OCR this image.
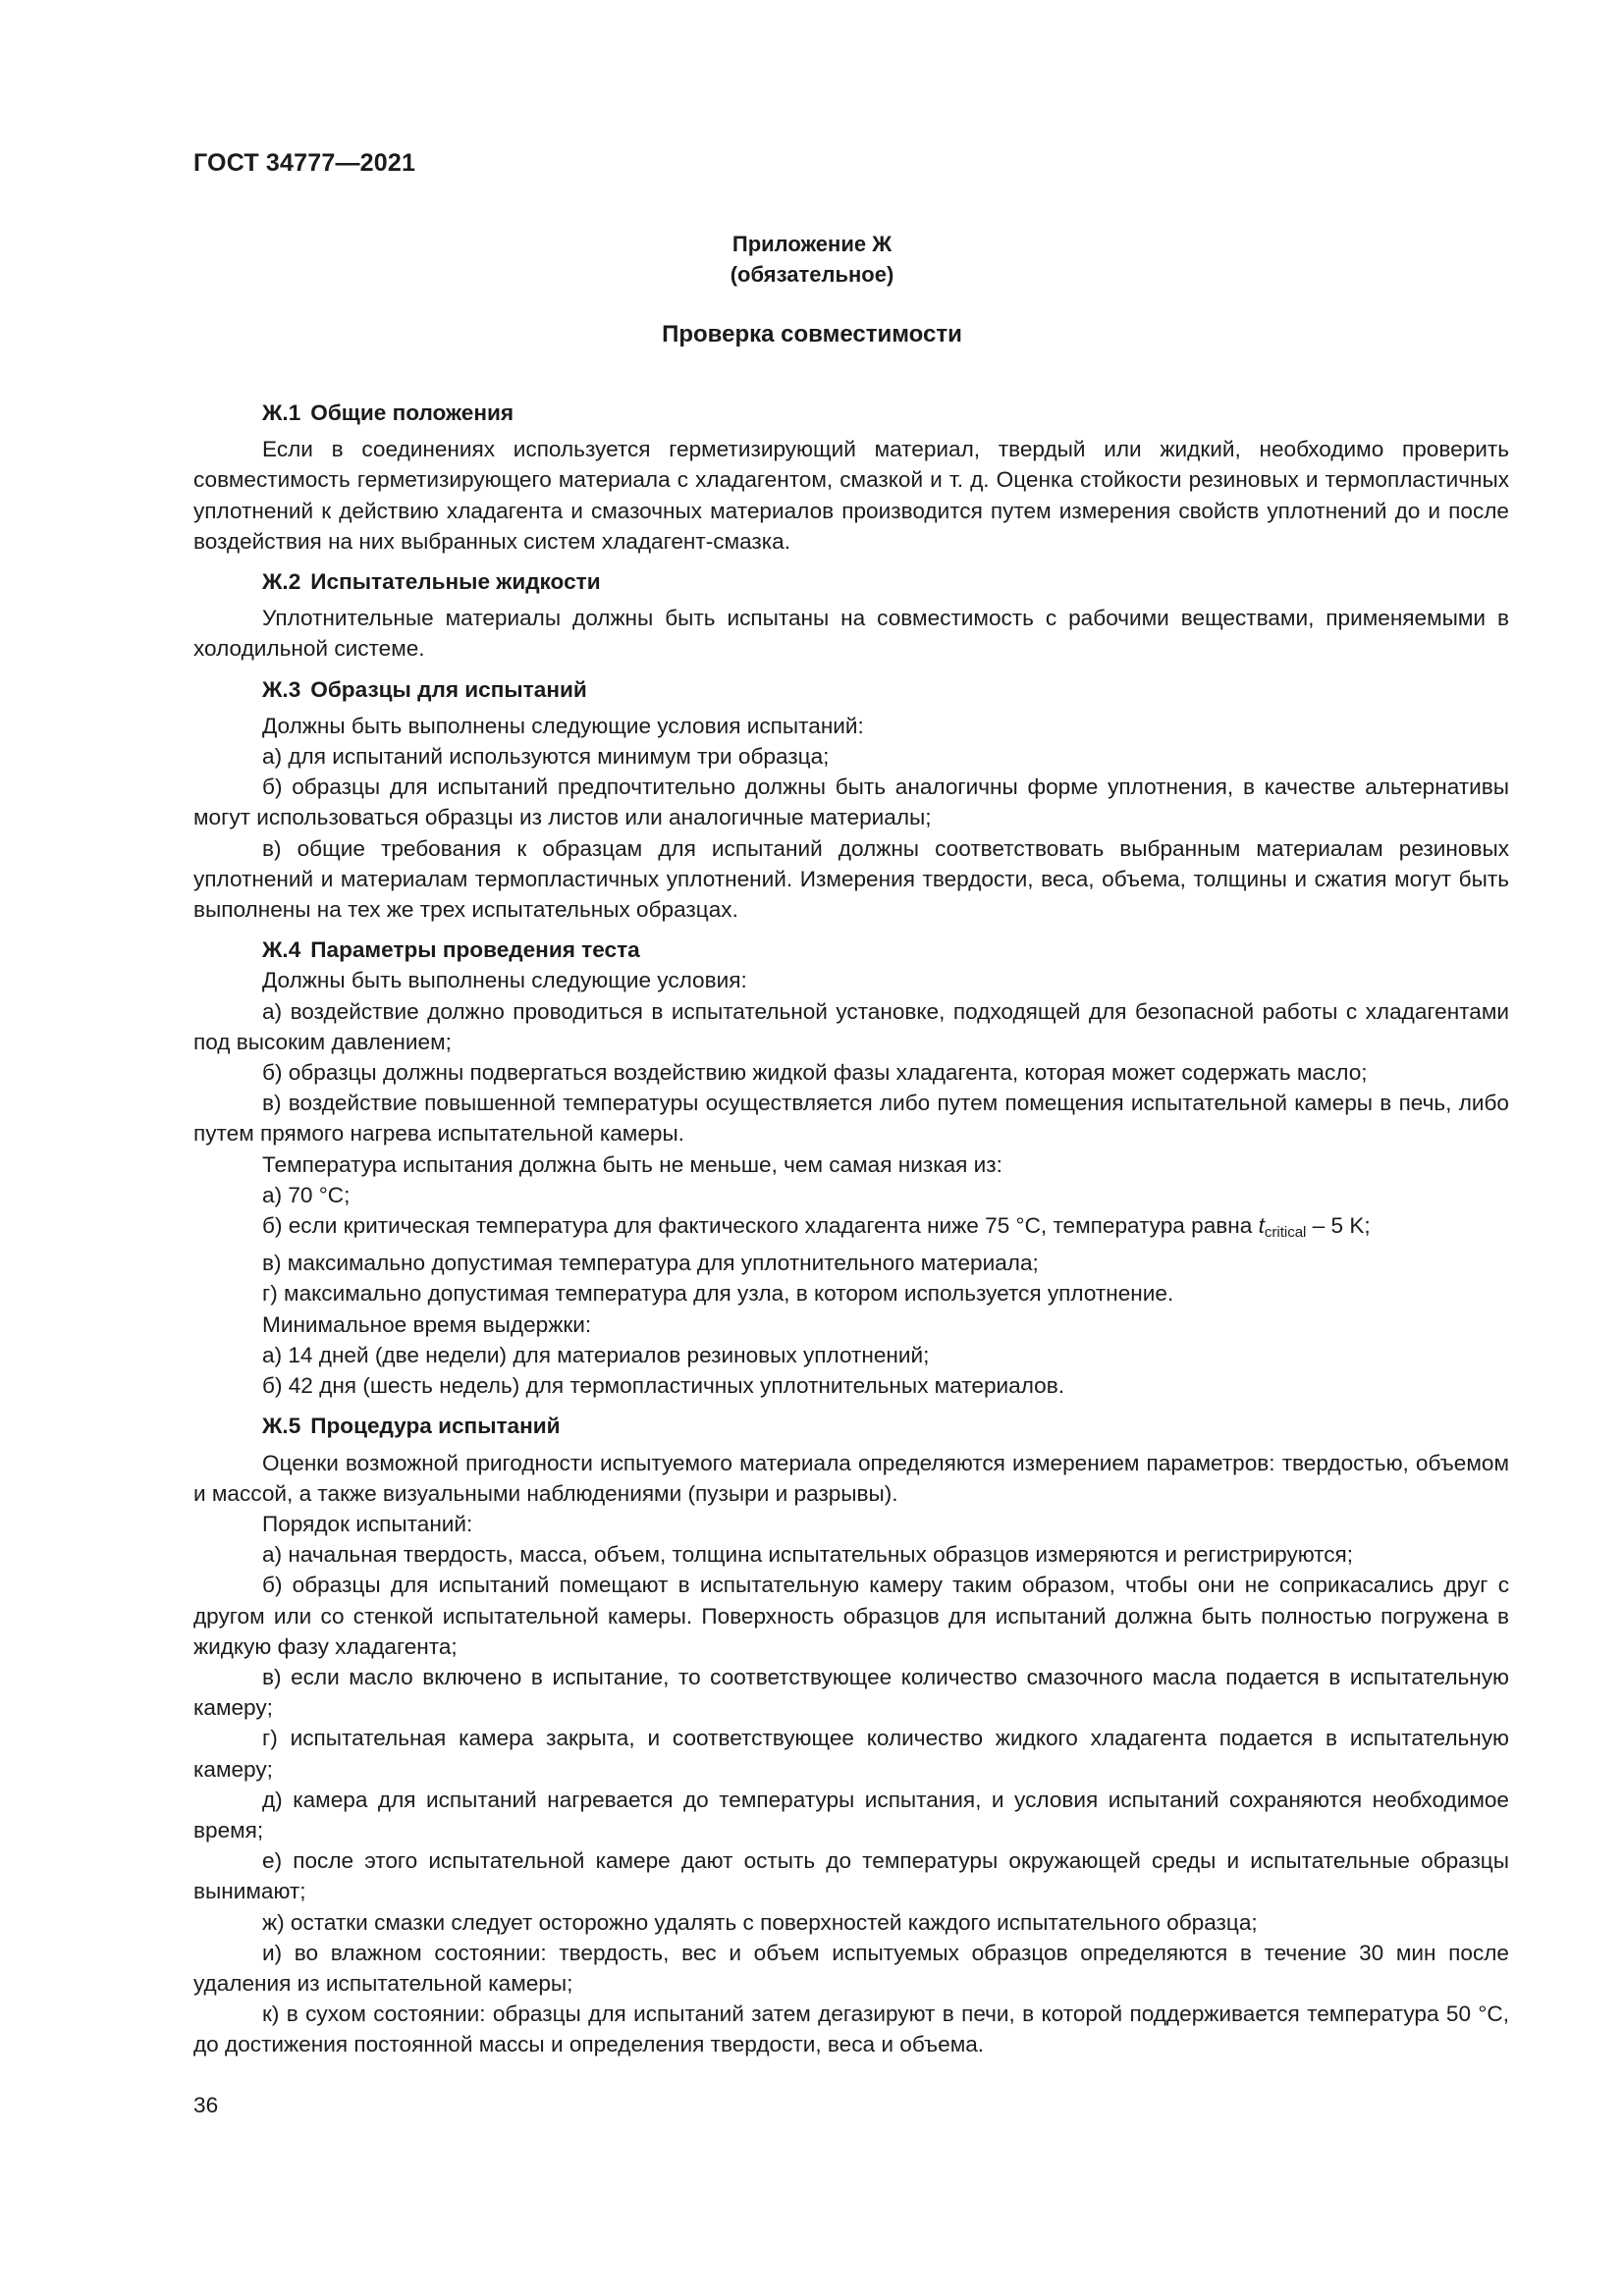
ГОСТ 34777—2021
Приложение Ж
(обязательное)
Проверка совместимости
Ж.1 Общие положения

Если в соединениях используется герметизирующий материал, твердый или жидкий, необходимо проверить совместимость герметизирующего материала с хладагентом, смазкой и т. д. Оценка стойкости резиновых и термопластичных уплотнений к действию хладагента и смазочных материалов производится путем измерения свойств уплотнений до и после воздействия на них выбранных систем хладагент-смазка.

Ж.2 Испытательные жидкости

Уплотнительные материалы должны быть испытаны на совместимость с рабочими веществами, применяемыми в холодильной системе.

Ж.3 Образцы для испытаний

Должны быть выполнены следующие условия испытаний:

а) для испытаний используются минимум три образца;

б) образцы для испытаний предпочтительно должны быть аналогичны форме уплотнения, в качестве альтернативы могут использоваться образцы из листов или аналогичные материалы;

в) общие требования к образцам для испытаний должны соответствовать выбранным материалам резиновых уплотнений и материалам термопластичных уплотнений. Измерения твердости, веса, объема, толщины и сжатия могут быть выполнены на тех же трех испытательных образцах.

Ж.4 Параметры проведения теста

Должны быть выполнены следующие условия:

а) воздействие должно проводиться в испытательной установке, подходящей для безопасной работы с хладагентами под высоким давлением;

б) образцы должны подвергаться воздействию жидкой фазы хладагента, которая может содержать масло;

в) воздействие повышенной температуры осуществляется либо путем помещения испытательной камеры в печь, либо путем прямого нагрева испытательной камеры.

Температура испытания должна быть не меньше, чем самая низкая из:

а) 70 °C;

б) если критическая температура для фактического хладагента ниже 75 °C, температура равна $t_{critical} - 5$ K;

в) максимально допустимая температура для уплотнительного материала;

г) максимально допустимая температура для узла, в котором используется уплотнение.

Минимальное время выдержки:

а) 14 дней (две недели) для материалов резиновых уплотнений;

б) 42 дня (шесть недель) для термопластичных уплотнительных материалов.

Ж.5 Процедура испытаний

Оценки возможной пригодности испытуемого материала определяются измерением параметров: твердостью, объемом и массой, а также визуальными наблюдениями (пузыри и разрывы).

Порядок испытаний:

а) начальная твердость, масса, объем, толщина испытательных образцов измеряются и регистрируются;

б) образцы для испытаний помещают в испытательную камеру таким образом, чтобы они не соприкасались друг с другом или со стенкой испытательной камеры. Поверхность образцов для испытаний должна быть полностью погружена в жидкую фазу хладагента;

в) если масло включено в испытание, то соответствующее количество смазочного масла подается в испытательную камеру;

г) испытательная камера закрыта, и соответствующее количество жидкого хладагента подается в испытательную камеру;

д) камера для испытаний нагревается до температуры испытания, и условия испытаний сохраняются необходимое время;

е) после этого испытательной камере дают остыть до температуры окружающей среды и испытательные образцы вынимают;

ж) остатки смазки следует осторожно удалять с поверхностей каждого испытательного образца;

и) во влажном состоянии: твердость, вес и объем испытуемых образцов определяются в течение 30 мин после удаления из испытательной камеры;

к) в сухом состоянии: образцы для испытаний затем дегазируют в печи, в которой поддерживается температура 50 °C, до достижения постоянной массы и определения твердости, веса и объема.

36
